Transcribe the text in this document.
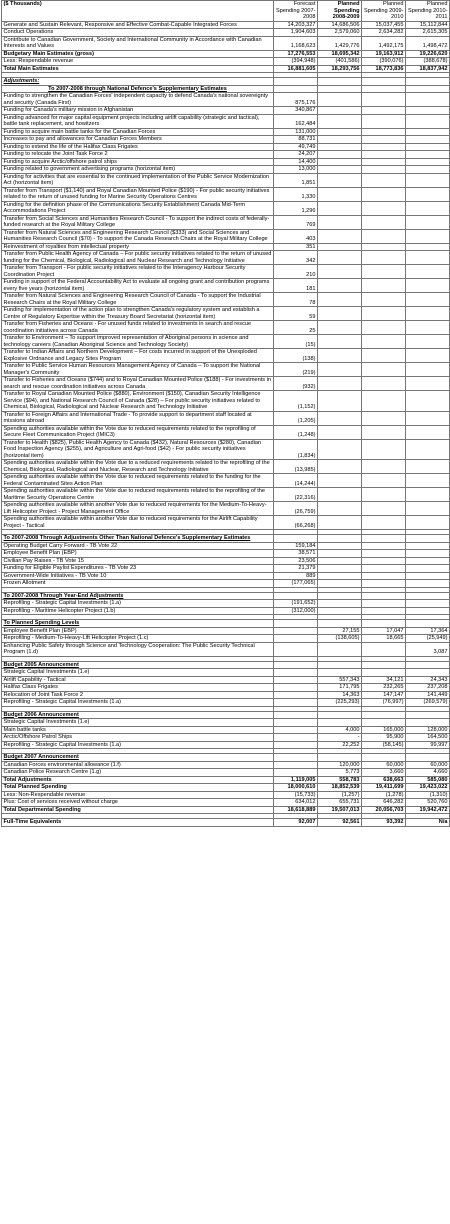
($ Thousands)	Forecast Spending 2007-2008	Planned Spending 2008-2009	Planned Spending 2009-2010	Planned Spending 2010-2011
Generate and Sustain Relevant, Responsive and Effective Combat-Capable Integrated Forces	14,203,327	14,686,506	15,037,455	15,112,844
Conduct Operations	1,904,603	2,579,060	2,634,282	2,615,305
Contribute to Canadian Government, Society and International Community in Accordance with Canadian Interests and Values	1,168,623	1,429,776	1,492,175	1,498,472
Budgetary Main Estimates (gross)	17,276,553	18,695,342	19,163,912	19,226,620
Less: Respendable revenue	(394,948)	(401,586)	(390,076)	(388,678)
Total Main Estimates	16,881,605	18,293,756	18,773,836	18,837,942

Adjustments:				
To 2007-2008 through National Defence's Supplementary Estimates				
Funding to strengthen the Canadian Forces' independent capacity to defend Canada's national sovereignty and security (Canada First)	875,176			
Funding for Canada's military mission in Afghanistan	340,867			
Funding advanced for major capital equipment projects including airlift capability (strategic and tactical), battle tank replacement, and howitzers	162,484			
Funding to acquire main battle tanks for the Canadian Forces	131,000			
Increases to pay and allowances for Canadian Forces Members	88,731			
Funding to extend the life of the Halifax Class Frigates	49,749			
Funding to relocate the Joint Task Force 2	24,207			
Funding to acquire Arctic/offshore patrol ships	14,400			
Funding related to government advertising programs (horizontal item)	13,000			
Funding for activities that are essential to the continued implementation of the Public Service Modernization Act (horizontal item)	1,851			
Transfer from Transport ($1,140) and Royal Canadian Mounted Police ($190) - For public security initiatives related to the return of unused funding for Marine Security Operations Centres	1,330			
Funding for the definition phase of the Communications Security Establishment Canada Mid-Term Accommodations Project	1,296			
Transfer from Social Sciences and Humanities Research Council - To support the indirect costs of federally-funded research at the Royal Military College	769			
Transfer from Natural Sciences and Engineering Research Council ($333) and Social Sciences and Humanities Research Council ($70) - To support the Canada Research Chairs at the Royal Military College	403			
Reinvestment of royalties from intellectual property	351			
Transfer from Public Health Agency of Canada – For public security initiatives related to the return of unused funding for the Chemical, Biological, Radiological and Nuclear Research and Technology Initiative	342			
Transfer from Transport - For public security initiatives related to the Interagency Harbour Security Coordination Project	210			
Funding in support of the Federal Accountability Act to evaluate all ongoing grant and contribution programs every five years (horizontal item)	181			
Transfer from Natural Sciences and Engineering Research Council of Canada - To support the Industrial Research Chairs at the Royal Military College	78			
Funding for implementation of the action plan to strengthen Canada's regulatory system and establish a Centre of Regulatory Expertise within the Treasury Board Secretariat (horizontal item)	59			
Transfer from Fisheries and Oceans - For unused funds related to investments in search and rescue coordination initiatives across Canada	25			
Transfer to Environment – To support improved representation of Aboriginal persons in science and technology careers (Canadian Aboriginal Science and Technology Society)	(15)			
Transfer to Indian Affairs and Northern Development – For costs incurred in support of the Unexploded Explosive Ordnance and Legacy Sites Program	(138)			
Transfer to Public Service Human Resources Management Agency of Canada – To support the National Manager's Community	(219)			
Transfer to Fisheries and Oceans ($744) and to Royal Canadian Mounted Police ($188) - For investments in search and rescue coordination initiatives across Canada	(932)			
Transfer to Royal Canadian Mounted Police ($880), Environment ($150), Canadian Security Intelligence Service ($94), and National Research Council of Canada ($28) – For public security initiatives related to Chemical, Biological, Radiological and Nuclear Research and Technology Initiative	(1,152)			
Transfer to Foreign Affairs and International Trade - To provide support to department staff located at missions abroad	(1,205)			
Spending authorities available within the Vote due to reduced requirements related to the reprofiling of Secure Fleet Communication Project (IMIC3)	(1,248)			
Transfer to Health ($825), Public Health Agency to Canada ($432), Natural Resources ($280), Canadian Food Inspection Agency ($255), and Agriculture and Agri-food ($42) - For public security initiatives (horizontal item)	(1,834)			
Spending authorities available within the Vote due to a reduced requirements related to the reprofiling of the Chemical, Biological, Radiological and Nuclear, Research and Technology Initiative	(13,985)			
Spending authorities available within the Vote due to reduced requirements related to the funding for the Federal Contaminated Sites Action Plan	(14,244)			
Spending authorities available within the Vote due to reduced requirements related to the reprofiling of the Maritime Security Operations Centre	(22,316)			
Spending authorities available within another Vote due to reduced requirements for the Medium-To-Heavy-Lift Helicopter Project - Project Management Office	(26,759)			
Spending authorities available within another Vote due to reduced requirements for the Airlift Capability Project - Tactical	(66,268)			

To 2007-2008 Through Adjustments Other Than National Defence's Supplementary Estimates				
Operating Budget Carry Forward - TB Vote 22	159,184			
Employee Benefit Plan (EBP)	38,571			
Civilian Pay Raises - TB Vote 15	23,506			
Funding for Eligible Paylist Expenditures - TB Vote 23	21,379			
Government-Wide Initiatives - TB Vote 10	889			
Frozen Allotment	(177,065)			

To 2007-2008 Through Year-End Adjustments				
Reprofiling - Strategic Capital Investments (1.a)	(191,652)			
Reprofiling - Maritime Helicopter Project (1.b)	(312,000)			

To Planned Spending Levels				
Employee Benefit Plan (EBP)		27,155	17,047	17,364
Reprofiling - Medium-To-Heavy-Lift Helicopter Project (1.c)		(138,605)	18,665	(25,949)
Enhancing Public Safety through Science and Technology Cooperation: The Public Security Technical Program (1.d)				3,087

Budget 2005 Announcement				
Strategic Capital Investments (1.e)				
Airlift Capability - Tactical		557,343	34,121	24,343
Halifax Class Frigates		171,795	232,265	237,208
Relocation of Joint Task Force 2		14,363	147,147	141,449
Reprofiling - Strategic Capital Investments (1.a)		(225,293)	(76,997)	(269,579)

Budget 2006 Announcement				
Strategic Capital Investments (1.e)				
Main battle tanks		4,000	165,000	128,000
Arctic/Offshore Patrol Ships		-	95,900	164,500
Reprofiling - Strategic Capital Investments (1.a)		22,252	(58,145)	99,997

Budget 2007 Announcement				
Canadian Forces environmental allowance (1.f)		120,000	60,000	60,000
Canadian Police Research Centre (1.g)		5,773	3,660	4,660
Total Adjustments	1,119,005	558,783	638,663	585,080
Total Planned Spending	18,000,610	18,852,539	19,411,699	19,423,022
Less: Non-Respendable revenue	(15,733)	(1,257)	(1,278)	(1,310)
Plus: Cost of services received without charge	634,012	655,731	646,282	520,760
Total Departmental Spending	18,618,889	19,507,013	20,056,703	19,942,472

Full-Time Equivalents	92,007	92,561	93,392	N/a
